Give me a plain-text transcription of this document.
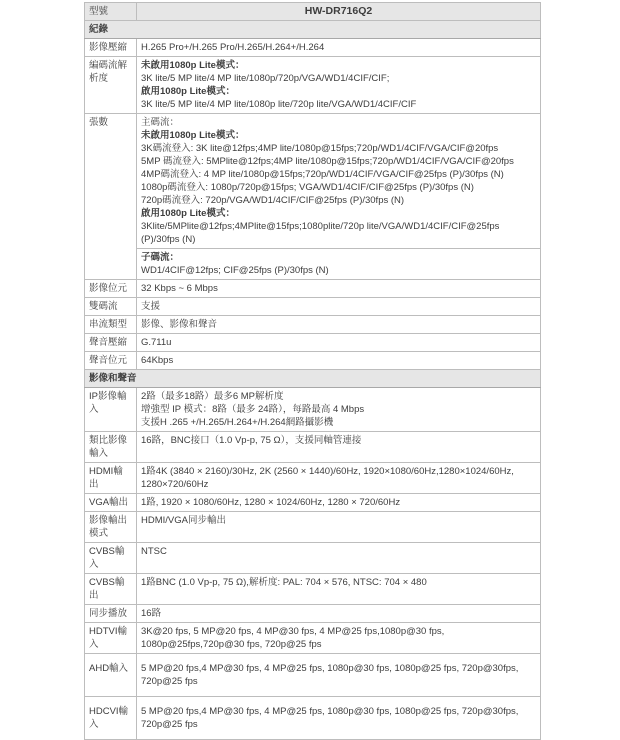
型號	HW-DR716Q2
紀錄	
影像壓縮	H.265 Pro+/H.265 Pro/H.265/H.264+/H.264

編碼流解析度	未啟用1080p Lite模式：
3K lite/5 MP lite/4 MP lite/1080p/720p/VGA/WD1/4CIF/CIF;
啟用1080p Lite模式：
3K lite/5 MP lite/4 MP lite/1080p lite/720p lite/VGA/WD1/4CIF/CIF

張數	主碼流：
未啟用1080p Lite模式：
3K碼流登入: 3K lite@12fps;4MP lite/1080p@15fps;720p/WD1/4CIF/VGA/CIF@20fps
5MP 碼流登入: 5MPlite@12fps;4MP lite/1080p@15fps;720p/WD1/4CIF/VGA/CIF@20fps
4MP碼流登入: 4 MP lite/1080p@15fps;720p/WD1/4CIF/VGA/CIF@25fps (P)/30fps (N)
1080p碼流登入: 1080p/720p@15fps; VGA/WD1/4CIF/CIF@25fps (P)/30fps (N)
720p碼流登入: 720p/VGA/WD1/4CIF/CIF@25fps (P)/30fps (N)
啟用1080p Lite模式：
3Klite/5MPlite@12fps;4MPlite@15fps;1080plite/720p lite/VGA/WD1/4CIF/CIF@25fps (P)/30fps (N)

	子碼流：
WD1/4CIF@12fps; CIF@25fps (P)/30fps (N)

影像位元	32 Kbps ~ 6 Mbps

雙碼流	支援

串流類型	影像、影像和聲音

聲音壓縮	G.711u

聲音位元	64Kbps

影像和聲音	
IP影像輸入	2路（最多18路）最多6 MP解析度
增強型 IP 模式：8路（最多 24路），每路最高 4 Mbps
支援H .265 +/H.265/H.264+/H.264網路攝影機

類比影像輸入	16路，BNC接口（1.0 Vp-p, 75 Ω），支援同軸管連接

HDMI輸出	1路4K (3840 × 2160)/30Hz, 2K (2560 × 1440)/60Hz, 1920×1080/60Hz,1280×1024/60Hz, 1280×720/60Hz

VGA輸出	1路, 1920 × 1080/60Hz, 1280 × 1024/60Hz, 1280 × 720/60Hz

影像輸出模式	HDMI/VGA同步輸出

CVBS輸入	NTSC

CVBS輸出	1路BNC (1.0 Vp-p, 75 Ω),解析度: PAL: 704 × 576, NTSC: 704 × 480

同步播放	16路

HDTVI輸入	3K@20 fps, 5 MP@20 fps, 4 MP@30 fps, 4 MP@25 fps,1080p@30 fps, 1080p@25fps,720p@30 fps, 720p@25 fps

AHD輸入	5 MP@20 fps,4 MP@30 fps, 4 MP@25 fps, 1080p@30 fps, 1080p@25 fps, 720p@30fps, 720p@25 fps

HDCVI輸入	5 MP@20 fps,4 MP@30 fps, 4 MP@25 fps, 1080p@30 fps, 1080p@25 fps, 720p@30fps, 720p@25 fps
